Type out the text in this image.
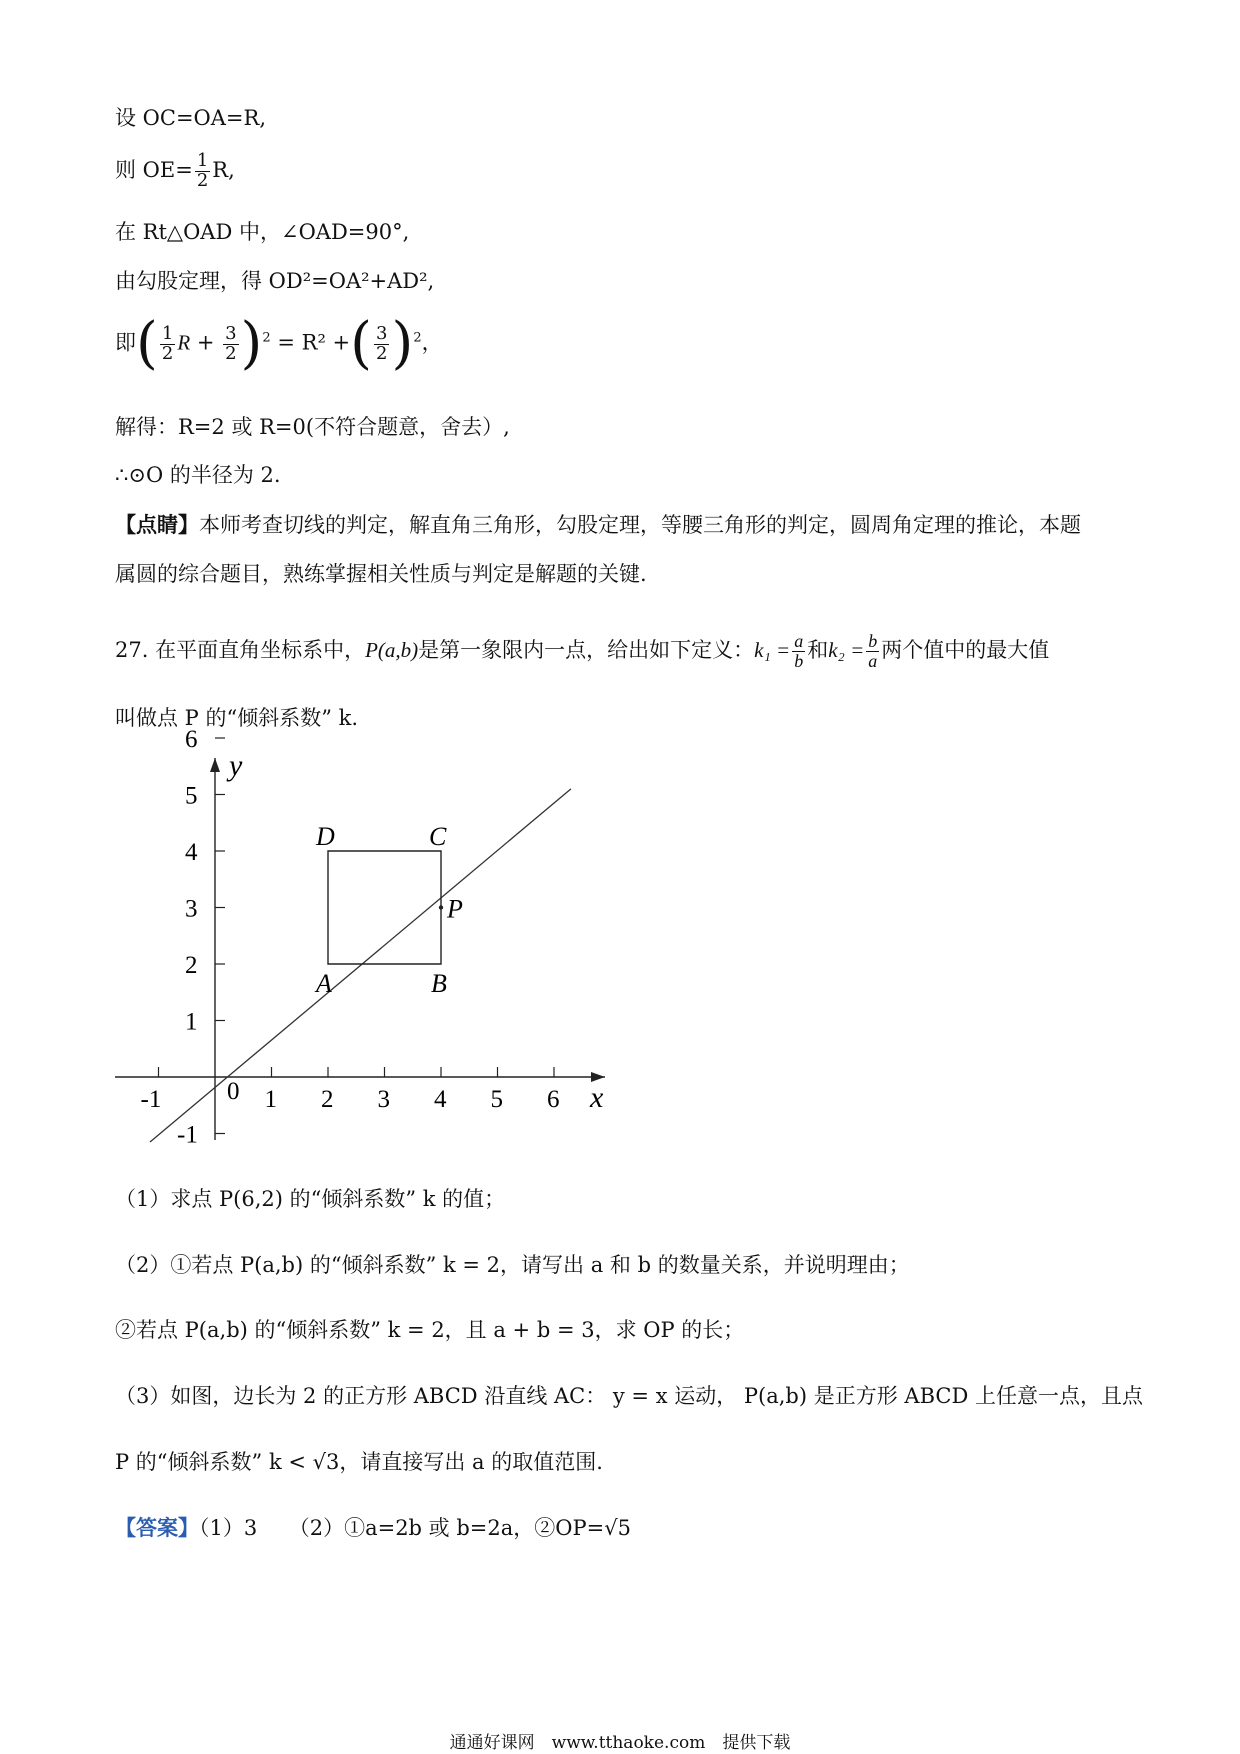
设 OC=OA=R,
则 $OE= \frac{1}{2} R$,
在 Rt△OAD 中，∠OAD=90°,
由勾股定理，得 OD²=OA²+AD²,
即( $\frac{1}{2}$ $R + \frac{3}{2} )^2 = R^2$ +( $\frac{3}{2} )^2$，
解得：R=2 或 R=0(不符合题意，舍去）,
∴⊙O 的半径为 2.
【点睛】本师考查切线的判定，解直角三角形，勾股定理，等腰三角形的判定，圆周角定理的推论，本题
属圆的综合题目，熟练掌握相关性质与判定是解题的关键.
27. 在平面直角坐标系中，P(a,b)是第一象限内一点，给出如下定义：$k_1 = \frac{a}{b}$ 和$k_2 = \frac{b}{a}$ 两个值中的最大值
叫做点 P 的“倾斜系数” k.
x
y
-1	0 1 2 3 4 5 6
6
5
4
3
2
1
-1
A	B
C
D
P
（1）求点 P(6,2) 的“倾斜系数” k 的值；
（2）①若点 P(a,b) 的“倾斜系数” k = 2，请写出 a 和 b 的数量关系，并说明理由；
②若点 P(a,b) 的“倾斜系数” k = 2，且 a + b = 3，求 OP 的长；
（3）如图，边长为 2 的正方形 ABCD 沿直线 AC： y = x 运动， P(a,b) 是正方形 ABCD 上任意一点，且点
P 的“倾斜系数” k < √3，请直接写出 a 的取值范围.
【答案】（1）3　　（2）①a=2b 或 b=2a，②OP=√5
通通好课网　www.tthaoke.com　提供下载
